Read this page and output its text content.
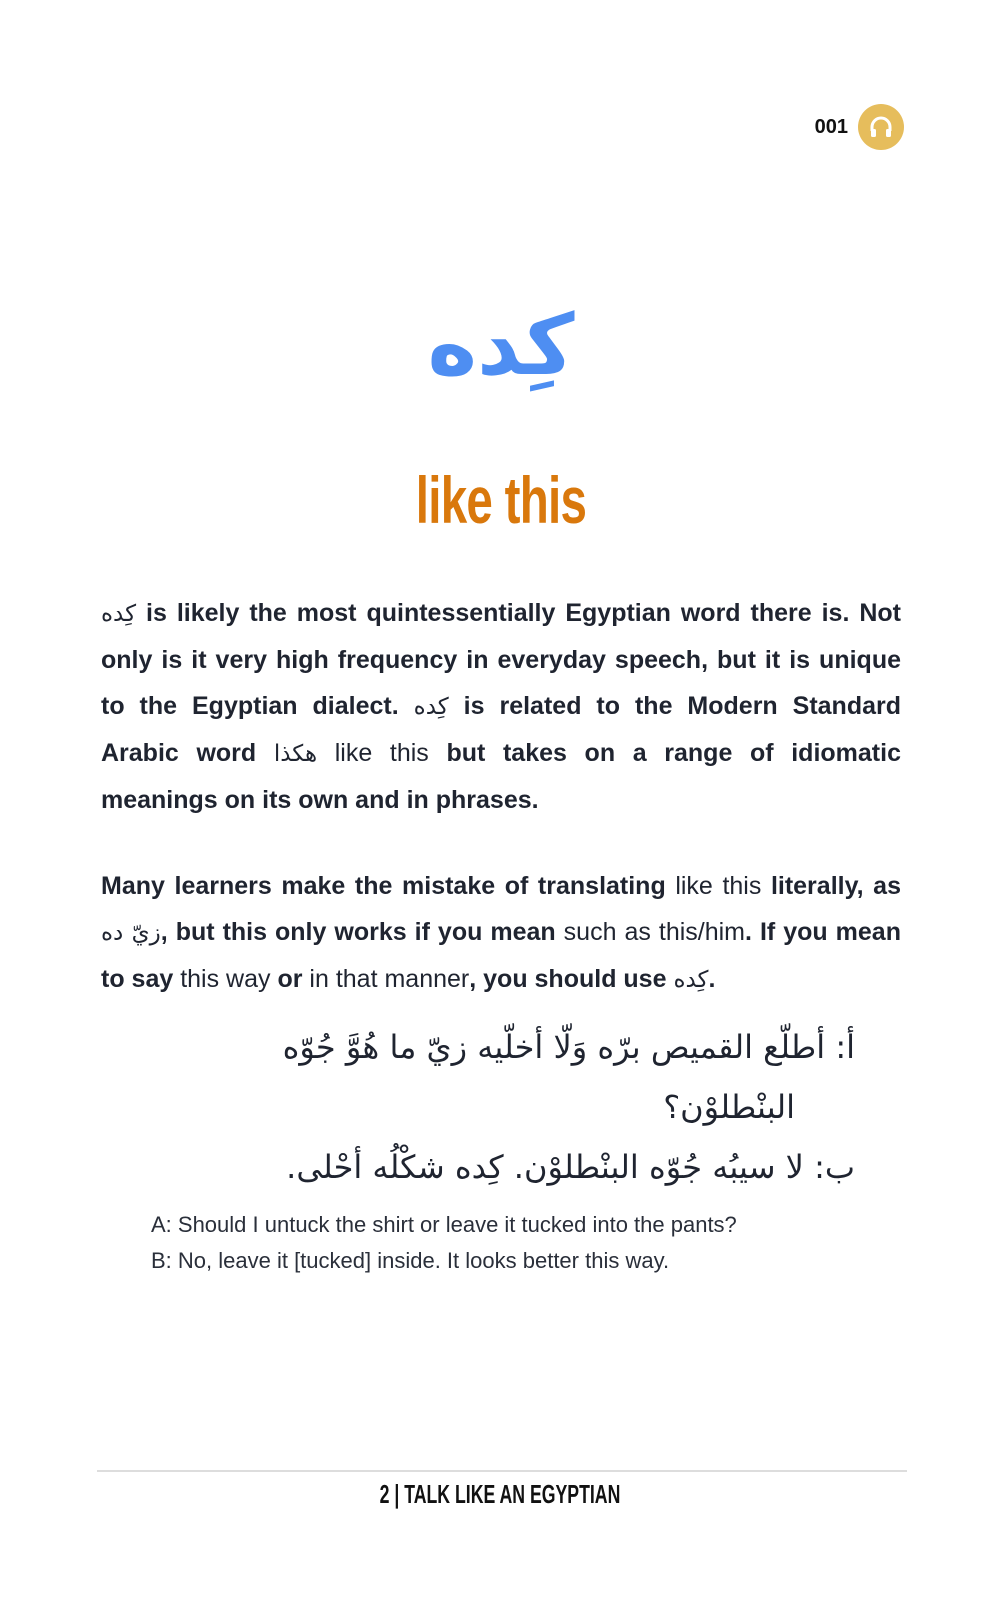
001
كِده
like this
كِده is likely the most quintessentially Egyptian word there is. Not only is it very high frequency in everyday speech, but it is unique to the Egyptian dialect. كِده is related to the Modern Standard Arabic word هكذا like this but takes on a range of idiomatic meanings on its own and in phrases.
Many learners make the mistake of translating like this literally, as زيّ ده, but this only works if you mean such as this/him. If you mean to say this way or in that manner, you should use كِده.
أ: أطلّع القميص برّه وَلّا أخلّيه زيّ ما هُوَّ جُوّه
البنْطلوْن؟
ب: لا سيبُه جُوّه البنْطلوْن. كِده شكْلُه أحْلى.
A: Should I untuck the shirt or leave it tucked into the pants?
B: No, leave it [tucked] inside. It looks better this way.
2 | TALK LIKE AN EGYPTIAN
